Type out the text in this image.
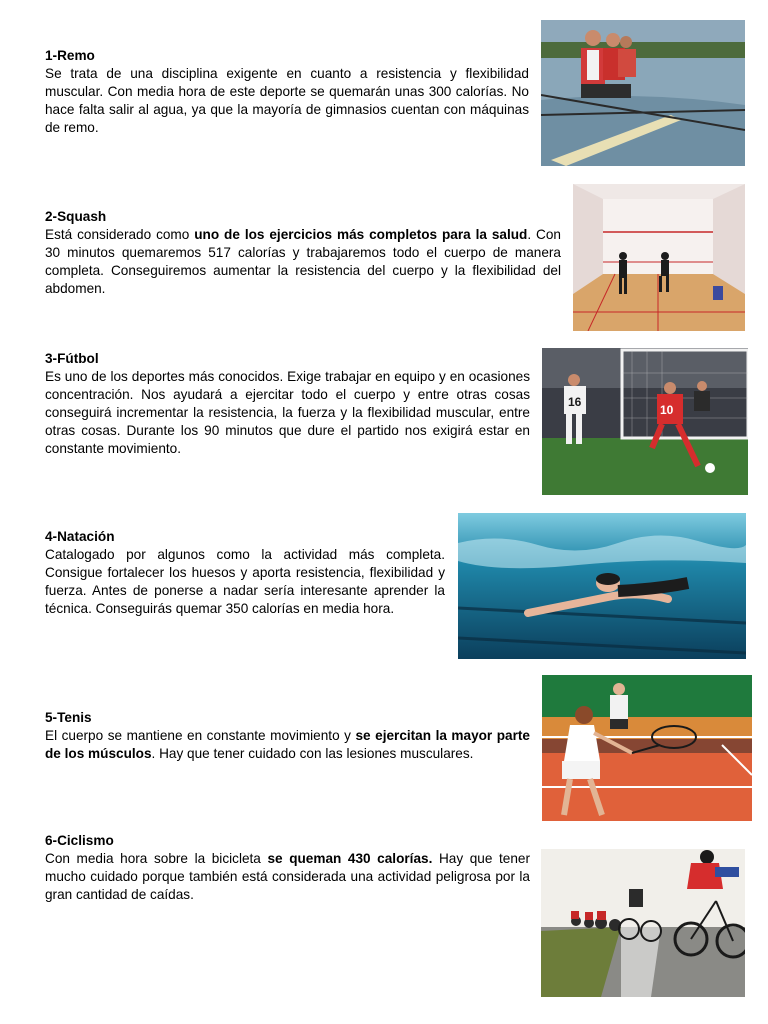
1-Remo

Se trata de una disciplina exigente en cuanto a resistencia y flexibilidad muscular. Con media hora de este deporte se quemarán unas 300 calorías. No hace falta salir al agua, ya que la mayoría de gimnasios cuentan con máquinas de remo.

2-Squash

Está considerado como uno de los ejercicios más completos para la salud. Con 30 minutos quemaremos 517 calorías y trabajaremos todo el cuerpo de manera completa. Conseguiremos aumentar la resistencia del cuerpo y la flexibilidad del abdomen.

3-Fútbol

Es uno de los deportes más conocidos. Exige trabajar en equipo y en ocasiones concentración. Nos ayudará a ejercitar todo el cuerpo y entre otras cosas conseguirá incrementar la resistencia, la fuerza y la flexibilidad muscular, entre otras cosas. Durante los 90 minutos que dure el partido nos exigirá estar en constante movimiento.

16
10
4-Natación

Catalogado por algunos como la actividad más completa. Consigue fortalecer los huesos y aporta resistencia, flexibilidad y fuerza. Antes de ponerse a nadar sería interesante aprender la técnica. Conseguirás quemar 350 calorías en media hora.

5-Tenis

El cuerpo se mantiene en constante movimiento y se ejercitan la mayor parte de los músculos. Hay que tener cuidado con las lesiones musculares.

6-Ciclismo

Con media hora sobre la bicicleta se queman 430 calorías. Hay que tener mucho cuidado porque también está considerada una actividad peligrosa por la gran cantidad de caídas.
